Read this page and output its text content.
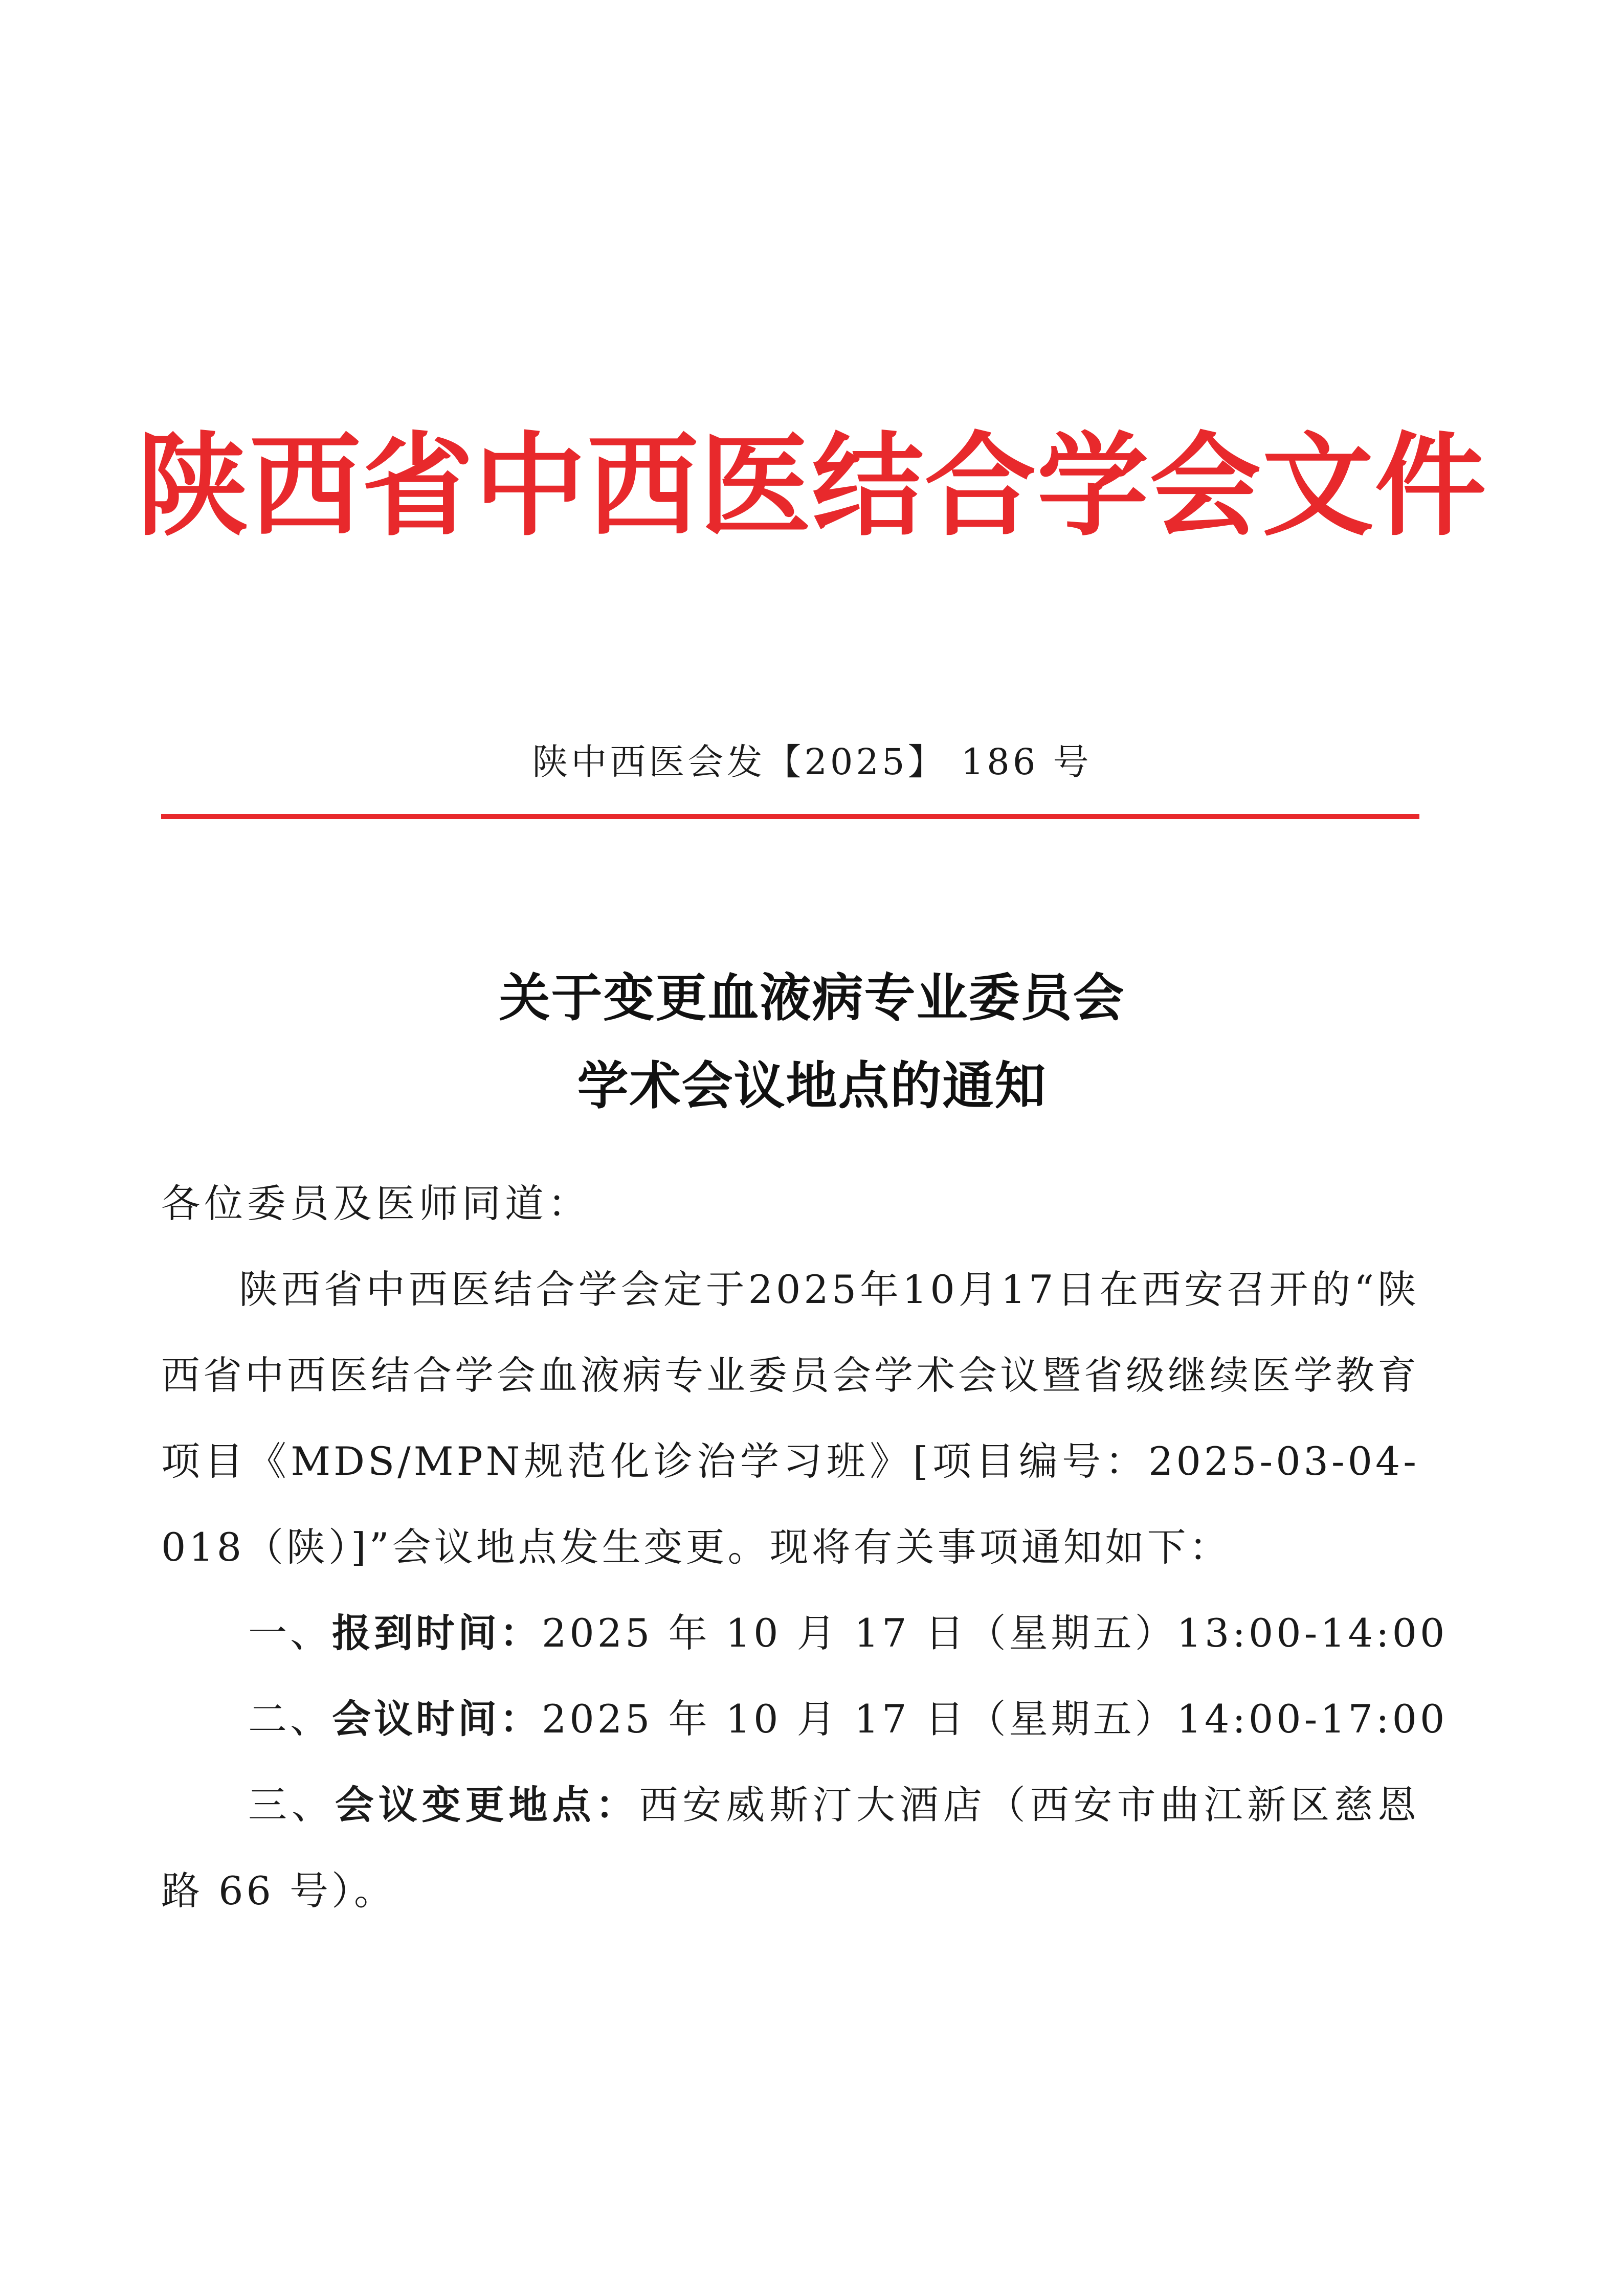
陕西省中西医结合学会文件
陕中西医会发【2025】 186 号
关于变更血液病专业委员会
学术会议地点的通知
各位委员及医师同道：

陕西省中西医结合学会定于2025年10月17日在西安召开的“陕西省中西医结合学会血液病专业委员会学术会议暨省级继续医学教育项目《MDS/MPN规范化诊治学习班》[项目编号：2025-03-04-018（陕）]”会议地点发生变更。现将有关事项通知如下：

一、报到时间：2025 年 10 月 17 日（星期五）13:00-14:00
二、会议时间：2025 年 10 月 17 日（星期五）14:00-17:00
三、会议变更地点：西安威斯汀大酒店（西安市曲江新区慈恩路 66 号）。
